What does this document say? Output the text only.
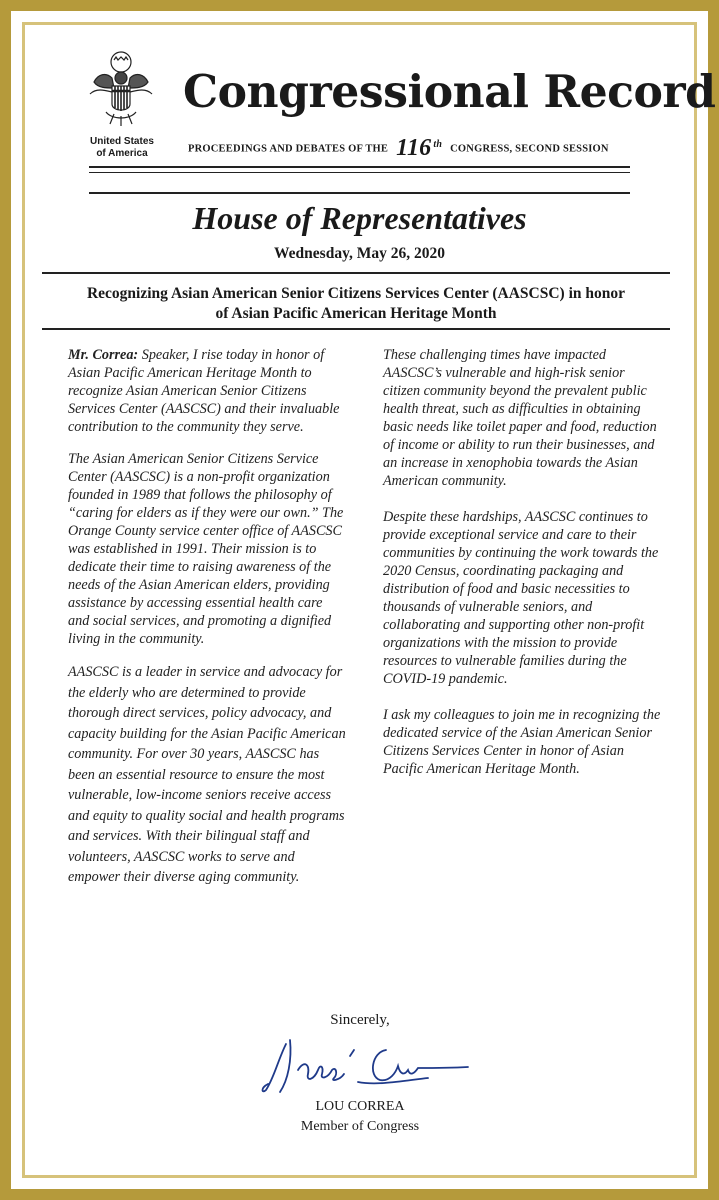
United States
of America
Congressional Record
PROCEEDINGS AND DEBATES OF THE 116 $^{th}$ CONGRESS, SECOND SESSION
House of Representatives
Wednesday, May 26, 2020
Recognizing Asian American Senior Citizens Services Center (AASCSC) in honor
of Asian Pacific American Heritage Month

Mr. Correa: Speaker, I rise today in honor of Asian Pacific American Heritage Month to recognize Asian American Senior Citizens Services Center (AASCSC) and their invaluable contribution to the community they serve.

The Asian American Senior Citizens Service Center (AASCSC) is a non-profit organization founded in 1989 that follows the philosophy of “caring for elders as if they were our own.” The Orange County service center office of AASCSC was established in 1991. Their mission is to dedicate their time to raising awareness of the needs of the Asian American elders, providing assistance by accessing essential health care and social services, and promoting a dignified living in the community.

AASCSC is a leader in service and advocacy for the elderly who are determined to provide thorough direct services, policy advocacy, and capacity building for the Asian Pacific American community. For over 30 years, AASCSC has been an essential resource to ensure the most vulnerable, low-income seniors receive access and equity to quality social and health programs and services. With their bilingual staff and volunteers, AASCSC works to serve and empower their diverse aging community.

These challenging times have impacted AASCSC’s vulnerable and high-risk senior citizen community beyond the prevalent public health threat, such as difficulties in obtaining basic needs like toilet paper and food, reduction of income or ability to run their businesses, and an increase in xenophobia towards the Asian American community.

Despite these hardships, AASCSC continues to provide exceptional service and care to their communities by continuing the work towards the 2020 Census, coordinating packaging and distribution of food and basic necessities to thousands of vulnerable seniors, and collaborating and supporting other non-profit organizations with the mission to provide resources to vulnerable families during the COVID-19 pandemic.

I ask my colleagues to join me in recognizing the dedicated service of the Asian American Senior Citizens Services Center in honor of Asian Pacific American Heritage Month.

Sincerely,
LOU CORREA
Member of Congress
